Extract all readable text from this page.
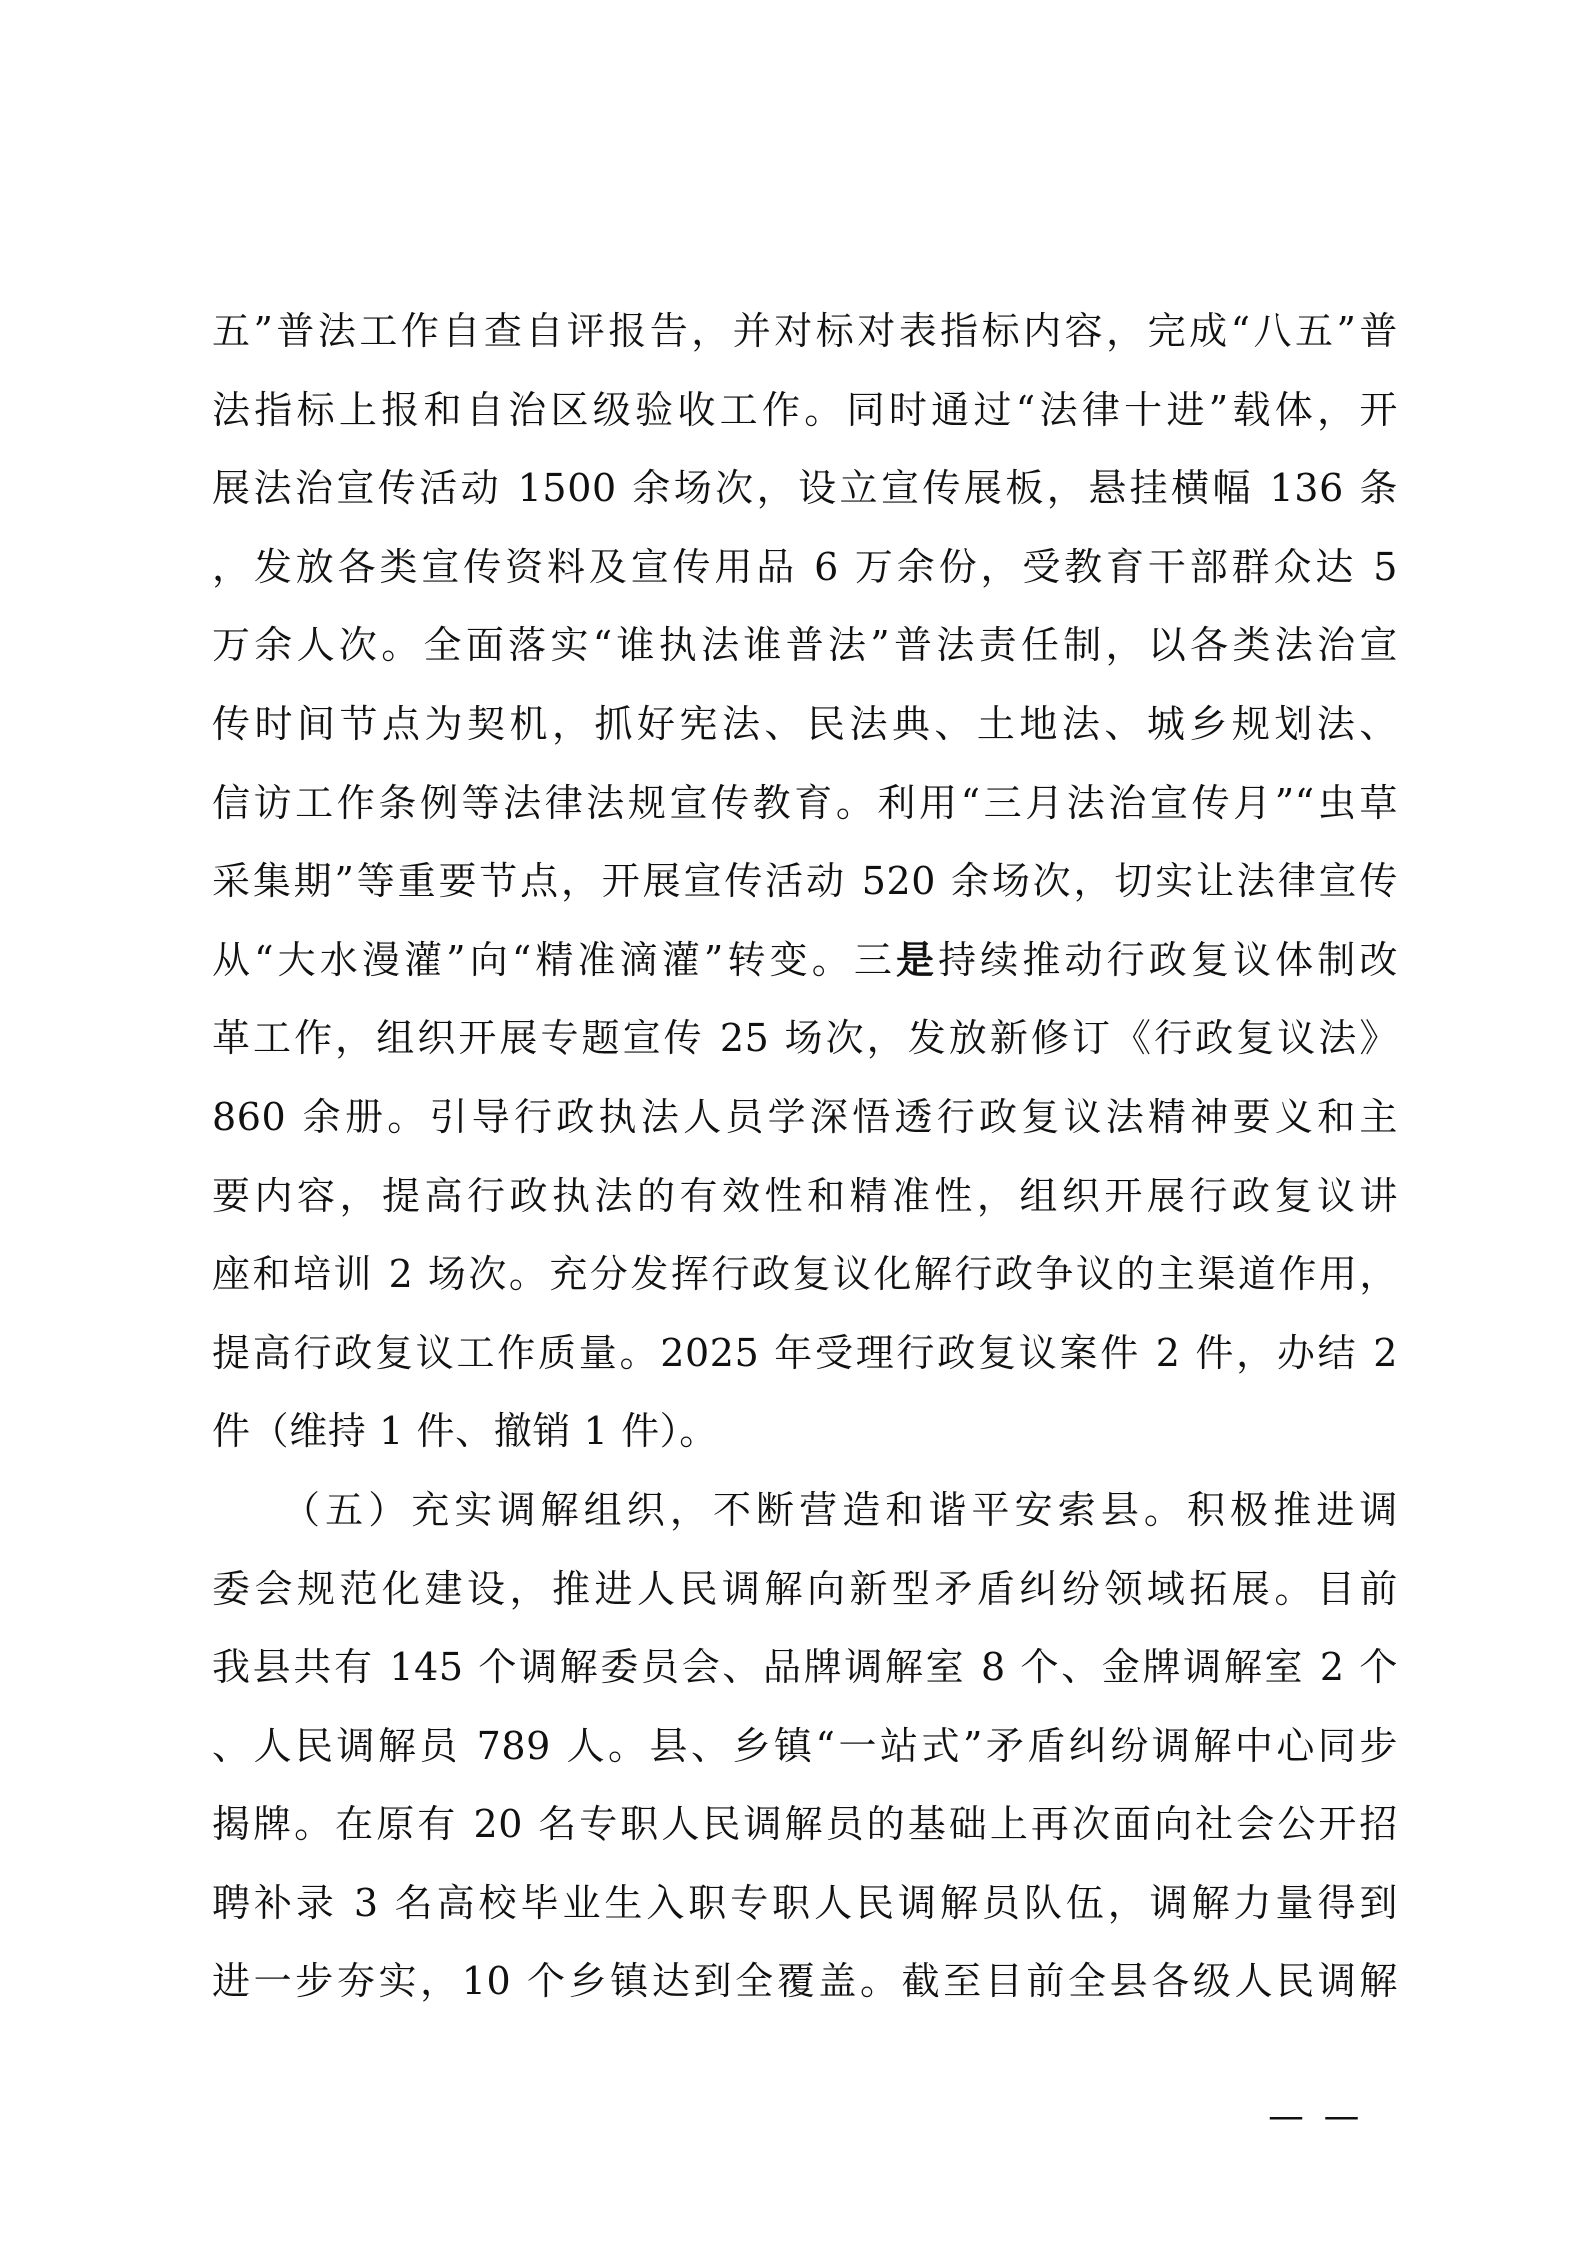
五”普法工作自查自评报告，并对标对表指标内容，完成“八五”普
法指标上报和自治区级验收工作。同时通过“法律十进”载体，开
展法治宣传活动 1500 余场次，设立宣传展板，悬挂横幅 136 条
，发放各类宣传资料及宣传用品 6 万余份，受教育干部群众达 5
万余人次。全面落实“谁执法谁普法”普法责任制，以各类法治宣
传时间节点为契机，抓好宪法、民法典、土地法、城乡规划法、
信访工作条例等法律法规宣传教育。利用“三月法治宣传月”“虫草
采集期”等重要节点，开展宣传活动 520 余场次，切实让法律宣传
从“大水漫灌”向“精准滴灌”转变。三是持续推动行政复议体制改
革工作，组织开展专题宣传 25 场次，发放新修订《行政复议法》
860 余册。引导行政执法人员学深悟透行政复议法精神要义和主
要内容，提高行政执法的有效性和精准性，组织开展行政复议讲
座和培训 2 场次。充分发挥行政复议化解行政争议的主渠道作用，
提高行政复议工作质量。2025 年受理行政复议案件 2 件，办结 2
件（维持 1 件、撤销 1 件）。
（五）充实调解组织，不断营造和谐平安索县。积极推进调
委会规范化建设，推进人民调解向新型矛盾纠纷领域拓展。目前
我县共有 145 个调解委员会、品牌调解室 8 个、金牌调解室 2 个
、人民调解员 789 人。县、乡镇“一站式”矛盾纠纷调解中心同步
揭牌。在原有 20 名专职人民调解员的基础上再次面向社会公开招
聘补录 3 名高校毕业生入职专职人民调解员队伍，调解力量得到
进一步夯实，10 个乡镇达到全覆盖。截至目前全县各级人民调解
— —
